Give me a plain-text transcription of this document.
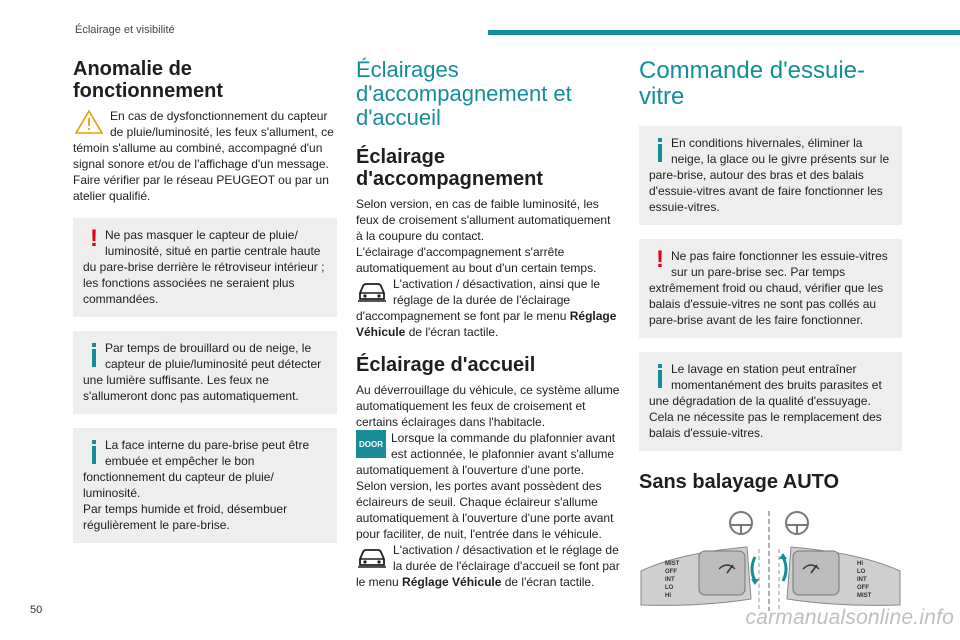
Éclairage et visibilité
Anomalie de fonctionnement

En cas de dysfonctionnement du capteur de pluie/luminosité, les feux s'allument, ce témoin s'allume au combiné, accompagné d'un signal sonore et/ou de l'affichage d'un message.

Faire vérifier par le réseau PEUGEOT ou par un atelier qualifié.

! Ne pas masquer le capteur de pluie/ luminosité, situé en partie centrale haute du pare-brise derrière le rétroviseur intérieur ; les fonctions associées ne seraient plus commandées.

Par temps de brouillard ou de neige, le capteur de pluie/luminosité peut détecter une lumière suffisante. Les feux ne s'allumeront donc pas automatiquement.

La face interne du pare-brise peut être embuée et empêcher le bon fonctionnement du capteur de pluie/ luminosité.

Par temps humide et froid, désembuer régulièrement le pare-brise.

Éclairages d'accompagnement et d'accueil
Éclairage d'accompagnement

Selon version, en cas de faible luminosité, les feux de croisement s'allument automatiquement à la coupure du contact.

L'éclairage d'accompagnement s'arrête automatiquement au bout d'un certain temps.

L'activation / désactivation, ainsi que le réglage de la durée de l'éclairage d'accompagnement se font par le menu Réglage Véhicule de l'écran tactile.

Éclairage d'accueil

Au déverrouillage du véhicule, ce système allume automatiquement les feux de croisement et certains éclairages dans l'habitacle.

DOOR Lorsque la commande du plafonnier avant est actionnée, le plafonnier avant s'allume automatiquement à l'ouverture d'une porte.

Selon version, les portes avant possèdent des éclaireurs de seuil. Chaque éclaireur s'allume automatiquement à l'ouverture d'une porte avant pour faciliter, de nuit, l'entrée dans le véhicule.

L'activation / désactivation et le réglage de la durée de l'éclairage d'accueil se font par le menu Réglage Véhicule de l'écran tactile.

Commande d'essuie-vitre

En conditions hivernales, éliminer la neige, la glace ou le givre présents sur le pare-brise, autour des bras et des balais d'essuie-vitres avant de faire fonctionner les essuie-vitres.

! Ne pas faire fonctionner les essuie-vitres sur un pare-brise sec. Par temps extrêmement froid ou chaud, vérifier que les balais d'essuie-vitres ne sont pas collés au pare-brise avant de les faire fonctionner.

Le lavage en station peut entraîner momentanément des bruits parasites et une dégradation de la qualité d'essuyage.

Cela ne nécessite pas le remplacement des balais d'essuie-vitres.

Sans balayage AUTO
MIST
OFF
INT
LO
HI
HI
LO
INT
OFF
MIST
50	carmanualsonline.info
